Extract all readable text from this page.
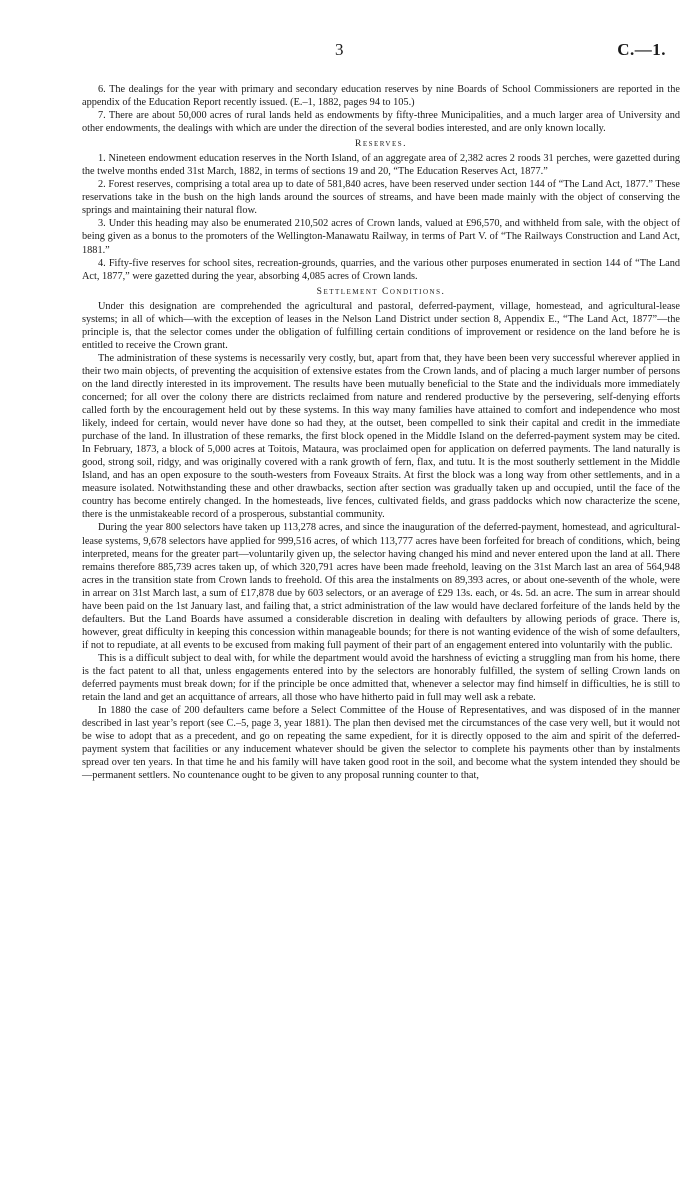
3	C.—1.

6. The dealings for the year with primary and secondary education reserves by nine Boards of School Commissioners are reported in the appendix of the Education Report recently issued. (E.–1, 1882, pages 94 to 105.)

7. There are about 50,000 acres of rural lands held as endowments by fifty-three Municipalities, and a much larger area of University and other endowments, the dealings with which are under the direction of the several bodies interested, and are only known locally.

Reserves.

1. Nineteen endowment education reserves in the North Island, of an aggregate area of 2,382 acres 2 roods 31 perches, were gazetted during the twelve months ended 31st March, 1882, in terms of sections 19 and 20, “The Education Reserves Act, 1877.”

2. Forest reserves, comprising a total area up to date of 581,840 acres, have been reserved under section 144 of “The Land Act, 1877.” These reservations take in the bush on the high lands around the sources of streams, and have been made mainly with the object of conserving the springs and maintaining their natural flow.

3. Under this heading may also be enumerated 210,502 acres of Crown lands, valued at £96,570, and withheld from sale, with the object of being given as a bonus to the promoters of the Wellington-Manawatu Railway, in terms of Part V. of “The Railways Construction and Land Act, 1881.”

4. Fifty-five reserves for school sites, recreation-grounds, quarries, and the various other purposes enumerated in section 144 of “The Land Act, 1877,” were gazetted during the year, absorbing 4,085 acres of Crown lands.

Settlement Conditions.

Under this designation are comprehended the agricultural and pastoral, deferred-payment, village, homestead, and agricultural-lease systems; in all of which—with the exception of leases in the Nelson Land District under section 8, Appendix E., “The Land Act, 1877”—the principle is, that the selector comes under the obligation of fulfilling certain conditions of improvement or residence on the land before he is entitled to receive the Crown grant.

The administration of these systems is necessarily very costly, but, apart from that, they have been been very successful wherever applied in their two main objects, of preventing the acquisition of extensive estates from the Crown lands, and of placing a much larger number of persons on the land directly interested in its improvement. The results have been mutually beneficial to the State and the individuals more immediately concerned; for all over the colony there are districts reclaimed from nature and rendered productive by the persevering, self-denying efforts called forth by the encouragement held out by these systems. In this way many families have attained to comfort and independence who most likely, indeed for certain, would never have done so had they, at the outset, been compelled to sink their capital and credit in the immediate purchase of the land. In illustration of these remarks, the first block opened in the Middle Island on the deferred-payment system may be cited. In February, 1873, a block of 5,000 acres at Toitois, Mataura, was proclaimed open for application on deferred payments. The land naturally is good, strong soil, ridgy, and was originally covered with a rank growth of fern, flax, and tutu. It is the most southerly settlement in the Middle Island, and has an open exposure to the south-westers from Foveaux Straits. At first the block was a long way from other settlements, and in a measure isolated. Notwithstanding these and other drawbacks, section after section was gradually taken up and occupied, until the face of the country has become entirely changed. In the homesteads, live fences, cultivated fields, and grass paddocks which now characterize the scene, there is the unmistakeable record of a prosperous, substantial community.

During the year 800 selectors have taken up 113,278 acres, and since the inauguration of the deferred-payment, homestead, and agricultural-lease systems, 9,678 selectors have applied for 999,516 acres, of which 113,777 acres have been forfeited for breach of conditions, which, being interpreted, means for the greater part—voluntarily given up, the selector having changed his mind and never entered upon the land at all. There remains therefore 885,739 acres taken up, of which 320,791 acres have been made freehold, leaving on the 31st March last an area of 564,948 acres in the transition state from Crown lands to freehold. Of this area the instalments on 89,393 acres, or about one-seventh of the whole, were in arrear on 31st March last, a sum of £17,878 due by 603 selectors, or an average of £29 13s. each, or 4s. 5d. an acre. The sum in arrear should have been paid on the 1st January last, and failing that, a strict administration of the law would have declared forfeiture of the lands held by the defaulters. But the Land Boards have assumed a considerable discretion in dealing with defaulters by allowing periods of grace. There is, however, great difficulty in keeping this concession within manageable bounds; for there is not wanting evidence of the wish of some defaulters, if not to repudiate, at all events to be excused from making full payment of their part of an engagement entered into voluntarily with the public.

This is a difficult subject to deal with, for while the department would avoid the harshness of evicting a struggling man from his home, there is the fact patent to all that, unless engagements entered into by the selectors are honorably fulfilled, the system of selling Crown lands on deferred payments must break down; for if the principle be once admitted that, whenever a selector may find himself in difficulties, he is still to retain the land and get an acquittance of arrears, all those who have hitherto paid in full may well ask a rebate.

In 1880 the case of 200 defaulters came before a Select Committee of the House of Representatives, and was disposed of in the manner described in last year’s report (see C.–5, page 3, year 1881). The plan then devised met the circumstances of the case very well, but it would not be wise to adopt that as a precedent, and go on repeating the same expedient, for it is directly opposed to the aim and spirit of the deferred-payment system that facilities or any inducement whatever should be given the selector to complete his payments other than by instalments spread over ten years. In that time he and his family will have taken good root in the soil, and become what the system intended they should be—permanent settlers. No countenance ought to be given to any proposal running counter to that,
